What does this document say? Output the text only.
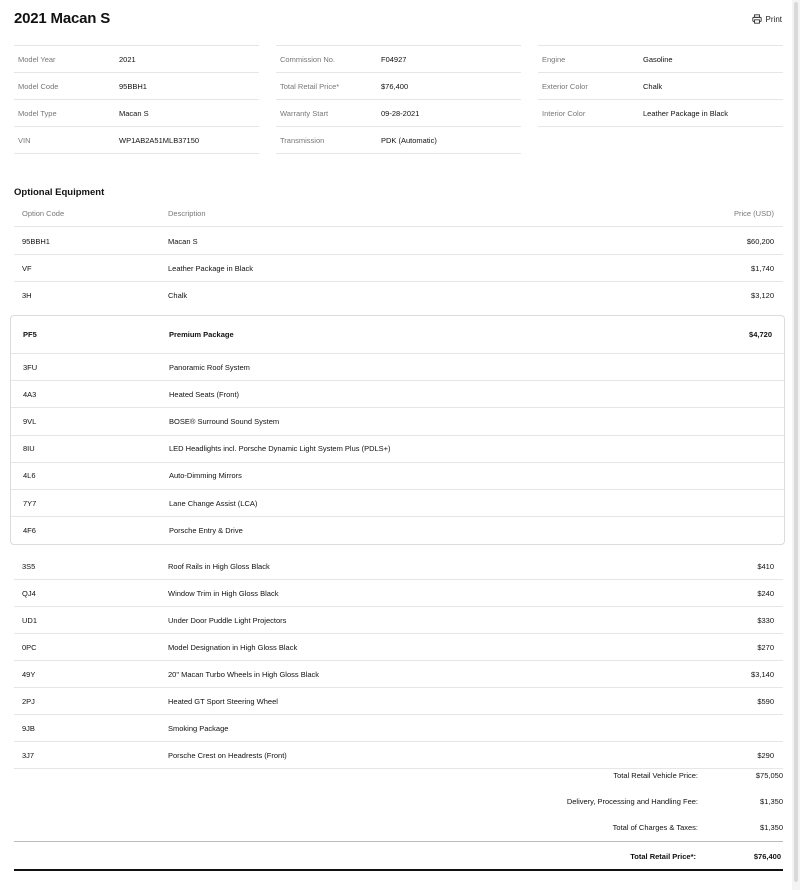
2021 Macan S	Print
Model Year	2021
Model Code	95BBH1
Model Type	Macan S
VIN	WP1AB2A51MLB37150
Commission No.	F04927
Total Retail Price*	$76,400
Warranty Start	09-28-2021
Transmission	PDK (Automatic)
Engine	Gasoline
Exterior Color	Chalk
Interior Color	Leather Package in Black
Optional Equipment
Option Code	Description	Price (USD)
95BBH1	Macan S	$60,200
VF	Leather Package in Black	$1,740
3H	Chalk	$3,120
PF5	Premium Package	$4,720
3FU	Panoramic Roof System
4A3	Heated Seats (Front)
9VL	BOSE® Surround Sound System
8IU	LED Headlights incl. Porsche Dynamic Light System Plus (PDLS+)
4L6	Auto-Dimming Mirrors
7Y7	Lane Change Assist (LCA)
4F6	Porsche Entry & Drive
3S5	Roof Rails in High Gloss Black	$410
QJ4	Window Trim in High Gloss Black	$240
UD1	Under Door Puddle Light Projectors	$330
0PC	Model Designation in High Gloss Black	$270
49Y	20" Macan Turbo Wheels in High Gloss Black	$3,140
2PJ	Heated GT Sport Steering Wheel	$590
9JB	Smoking Package
3J7	Porsche Crest on Headrests (Front)	$290
Total Retail Vehicle Price:	$75,050
Delivery, Processing and Handling Fee:	$1,350
Total of Charges & Taxes:	$1,350
Total Retail Price*:	$76,400
